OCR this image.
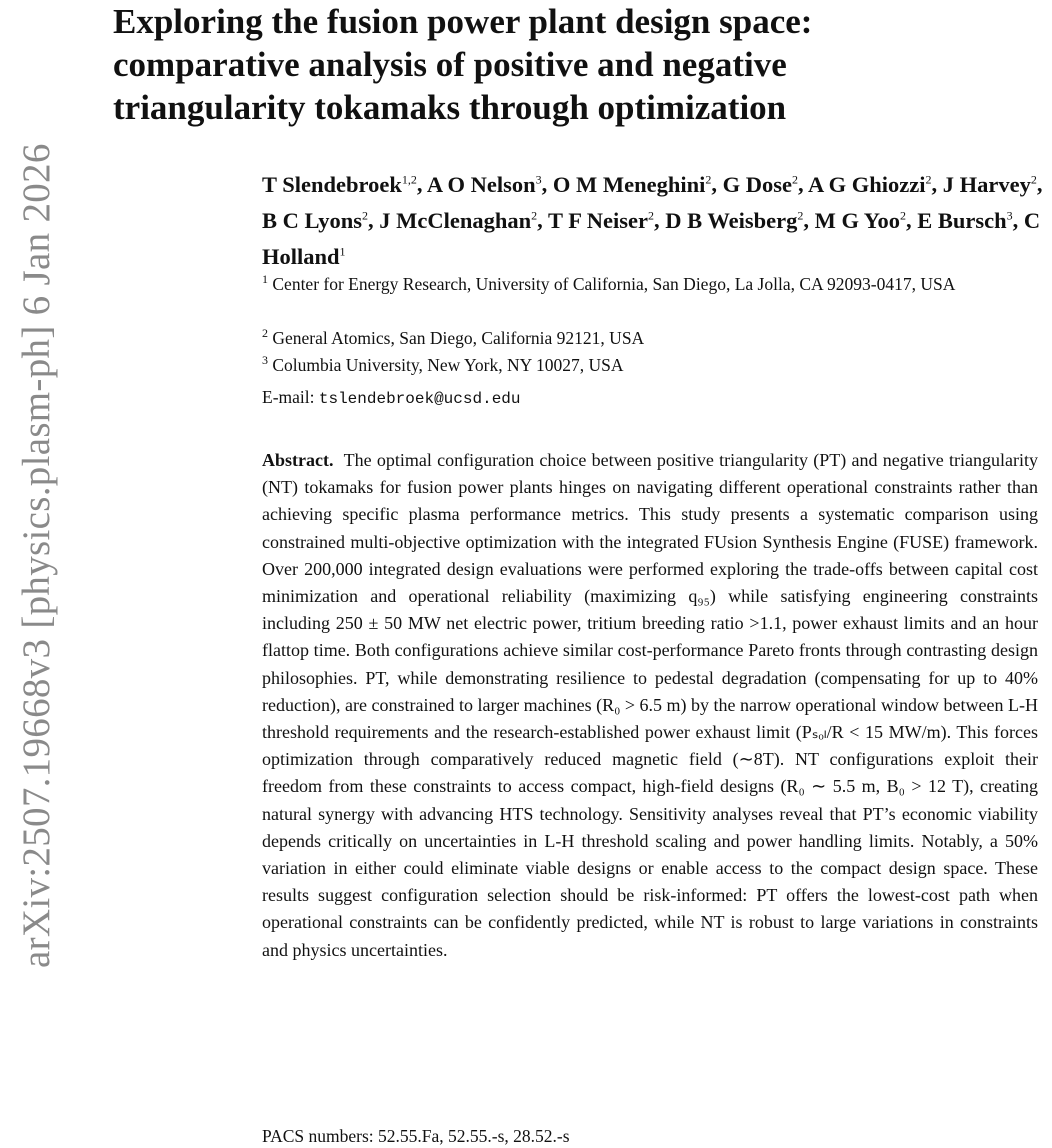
arXiv:2507.19668v3 [physics.plasm-ph] 6 Jan 2026
Exploring the fusion power plant design space:
comparative analysis of positive and negative
triangularity tokamaks through optimization
T Slendebroek$^{1,2}$, A O Nelson$^3$, O M Meneghini$^2$, G Dose$^2$, A G Ghiozzi$^2$, J Harvey$^2$, B C Lyons$^2$, J McClenaghan$^2$, T F Neiser$^2$, D B Weisberg$^2$, M G Yoo$^2$, E Bursch$^3$, C Holland$^1$
$^1$ Center for Energy Research, University of California, San Diego, La Jolla, CA 92093-0417, USA
$^2$ General Atomics, San Diego, California 92121, USA
$^3$ Columbia University, New York, NY 10027, USA
E-mail: tslendebroek@ucsd.edu

Abstract. The optimal configuration choice between positive triangularity (PT) and negative triangularity (NT) tokamaks for fusion power plants hinges on navigating different operational constraints rather than achieving specific plasma performance metrics. This study presents a systematic comparison using constrained multi-objective optimization with the integrated FUsion Synthesis Engine (FUSE) framework. Over 200,000 integrated design evaluations were performed exploring the trade-offs between capital cost minimization and operational reliability (maximizing q₉₅) while satisfying engineering constraints including 250 ± 50 MW net electric power, tritium breeding ratio >1.1, power exhaust limits and an hour flattop time. Both configurations achieve similar cost-performance Pareto fronts through contrasting design philosophies. PT, while demonstrating resilience to pedestal degradation (compensating for up to 40% reduction), are constrained to larger machines (R₀ > 6.5 m) by the narrow operational window between L-H threshold requirements and the research-established power exhaust limit (Pₛₒₗ/R < 15 MW/m). This forces optimization through comparatively reduced magnetic field (∼8T). NT configurations exploit their freedom from these constraints to access compact, high-field designs (R₀ ∼ 5.5 m, B₀ > 12 T), creating natural synergy with advancing HTS technology. Sensitivity analyses reveal that PT’s economic viability depends critically on uncertainties in L-H threshold scaling and power handling limits. Notably, a 50% variation in either could eliminate viable designs or enable access to the compact design space. These results suggest configuration selection should be risk-informed: PT offers the lowest-cost path when operational constraints can be confidently predicted, while NT is robust to large variations in constraints and physics uncertainties.

PACS numbers: 52.55.Fa, 52.55.-s, 28.52.-s
